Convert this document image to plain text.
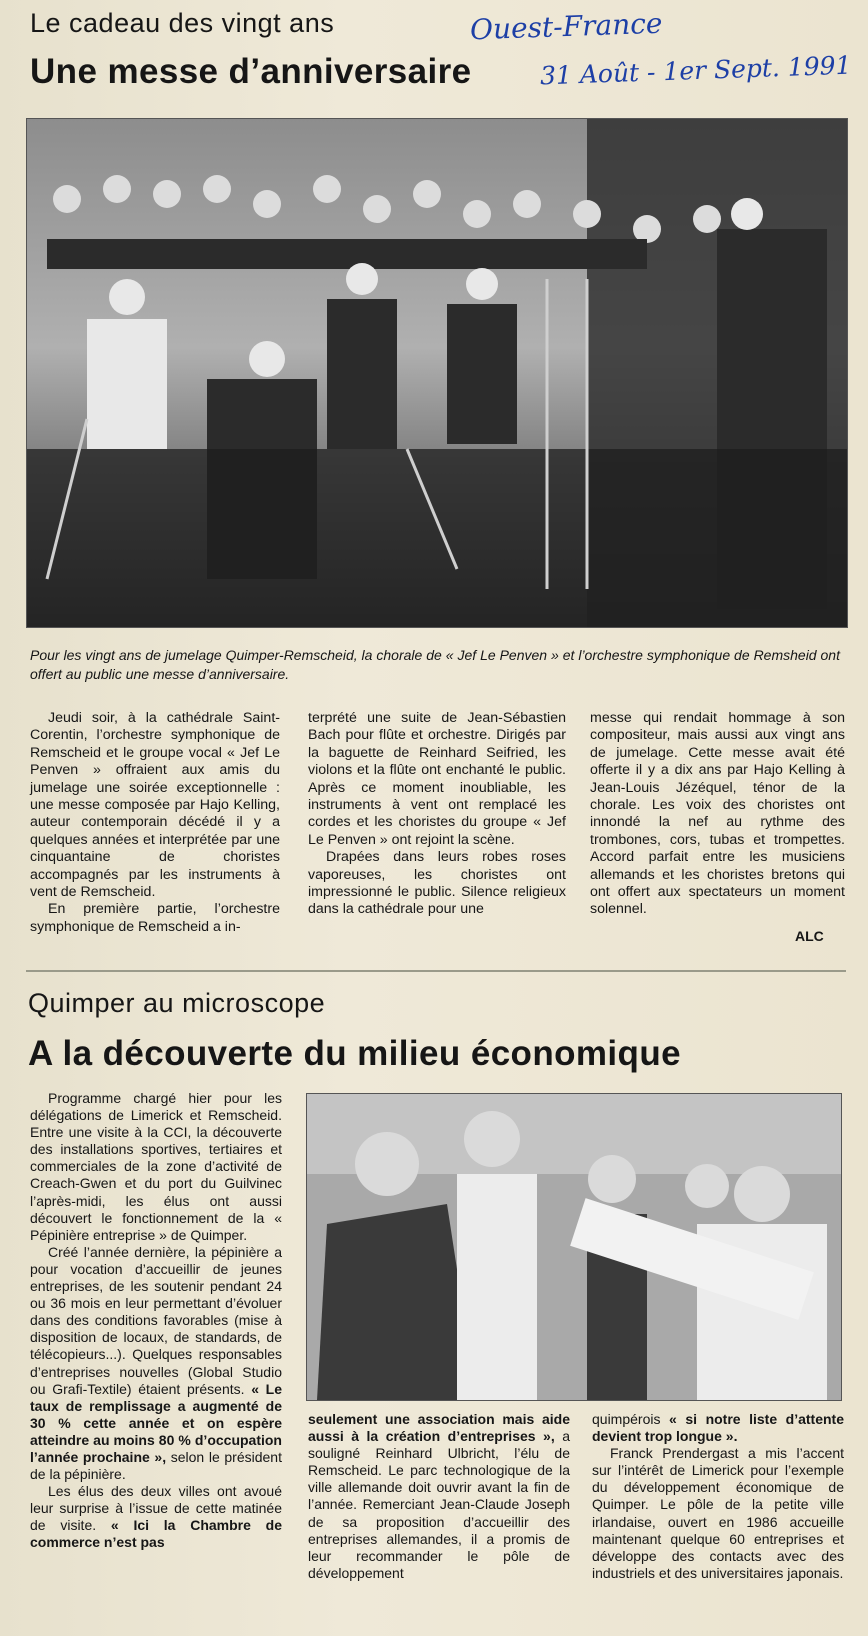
Le cadeau des vingt ans
Une messe d’anniversaire
Ouest-France
31 Août - 1er Sept. 1991
Pour les vingt ans de jumelage Quimper-Remscheid, la chorale de « Jef Le Penven » et l’orchestre symphonique de Remsheid ont offert au public une messe d’anniversaire.

Jeudi soir, à la cathédrale Saint-Corentin, l’orchestre symphonique de Remscheid et le groupe vocal « Jef Le Penven » offraient aux amis du jumelage une soirée exceptionnelle : une messe composée par Hajo Kelling, auteur contemporain décédé il y a quelques années et interprétée par une cinquantaine de choristes accompagnés par les instruments à vent de Remscheid.

En première partie, l’orchestre symphonique de Remscheid a in-

terprété une suite de Jean-Sébastien Bach pour flûte et orchestre. Dirigés par la baguette de Reinhard Seifried, les violons et la flûte ont enchanté le public. Après ce moment inoubliable, les instruments à vent ont remplacé les cordes et les choristes du groupe « Jef Le Penven » ont rejoint la scène.

Drapées dans leurs robes roses vaporeuses, les choristes ont impressionné le public. Silence religieux dans la cathédrale pour une

messe qui rendait hommage à son compositeur, mais aussi aux vingt ans de jumelage. Cette messe avait été offerte il y a dix ans par Hajo Kelling à Jean-Louis Jézéquel, ténor de la chorale. Les voix des choristes ont innondé la nef au rythme des trombones, cors, tubas et trompettes. Accord parfait entre les musiciens allemands et les choristes bretons qui ont offert aux spectateurs un moment solennel.

ALC
Quimper au microscope
A la découverte du milieu économique

Programme chargé hier pour les délégations de Limerick et Remscheid. Entre une visite à la CCI, la découverte des installations sportives, tertiaires et commerciales de la zone d’activité de Creach-Gwen et du port du Guilvinec l’après-midi, les élus ont aussi découvert le fonctionnement de la « Pépinière entreprise » de Quimper.

Créé l’année dernière, la pépinière a pour vocation d’accueillir de jeunes entreprises, de les soutenir pendant 24 ou 36 mois en leur permettant d’évoluer dans des conditions favorables (mise à disposition de locaux, de standards, de télécopieurs...). Quelques responsables d’entreprises nouvelles (Global Studio ou Grafi-Textile) étaient présents. « Le taux de remplissage a augmenté de 30 % cette année et on espère atteindre au moins 80 % d’occupation l’année prochaine », selon le président de la pépinière.

Les élus des deux villes ont avoué leur surprise à l’issue de cette matinée de visite. « Ici la Chambre de commerce n’est pas

seulement une association mais aide aussi à la création d’entreprises », a souligné Reinhard Ulbricht, l’élu de Remscheid. Le parc technologique de la ville allemande doit ouvrir avant la fin de l’année. Remerciant Jean-Claude Joseph de sa proposition d’accueillir des entreprises allemandes, il a promis de leur recommander le pôle de développement

quimpérois « si notre liste d’attente devient trop longue ».

Franck Prendergast a mis l’accent sur l’intérêt de Limerick pour l’exemple du développement économique de Quimper. Le pôle de la petite ville irlandaise, ouvert en 1986 accueille maintenant quelque 60 entreprises et développe des contacts avec des industriels et des universitaires japonais.
